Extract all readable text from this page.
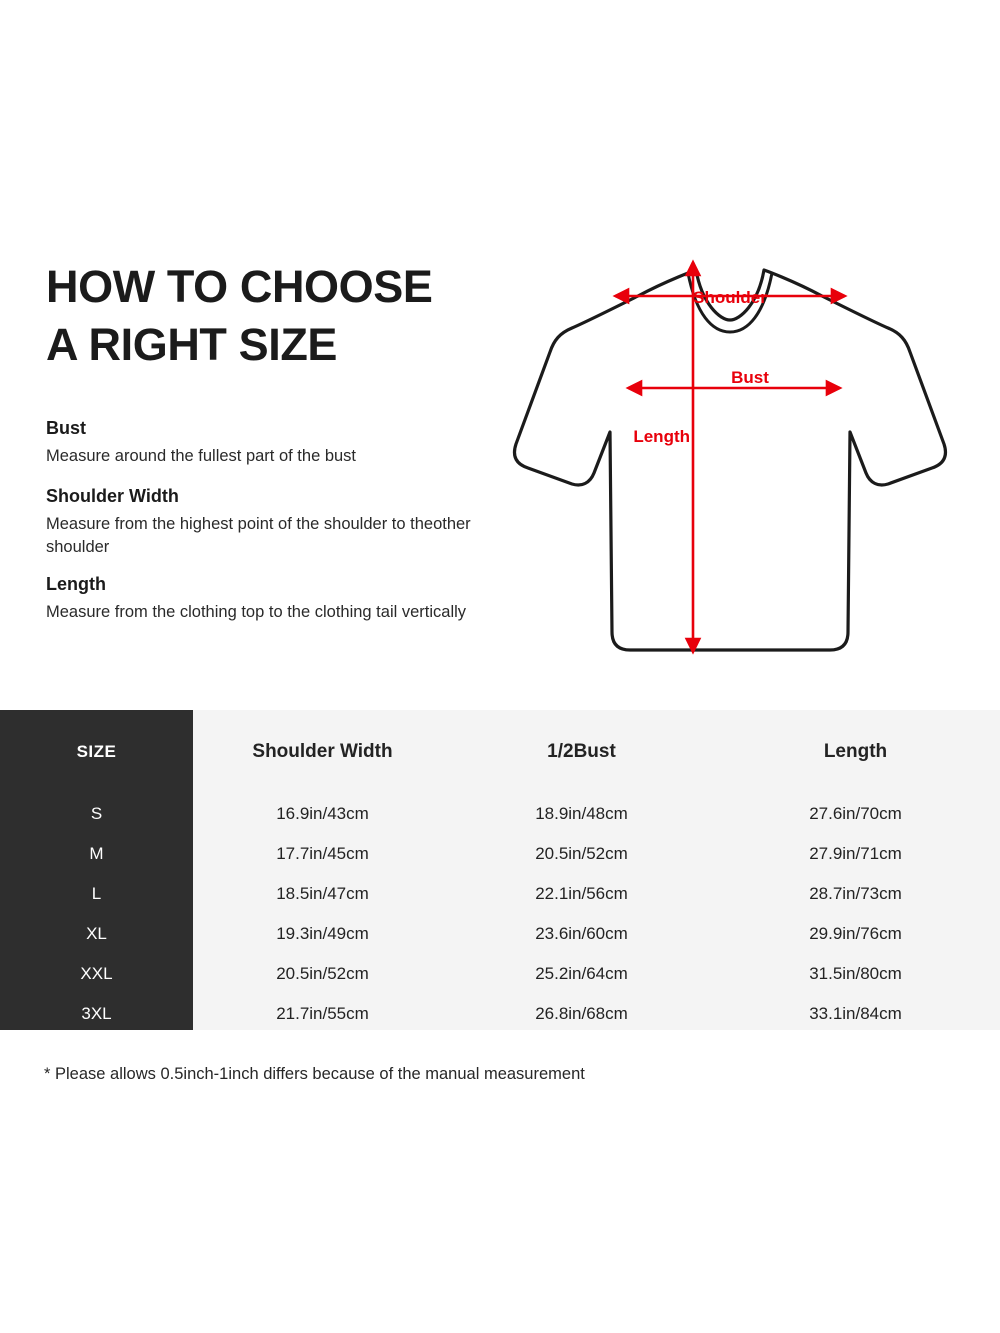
HOW TO CHOOSE
A RIGHT SIZE
Bust
Measure around the fullest part of the bust
Shoulder Width
Measure from the highest point of the shoulder to theother shoulder
Length
Measure from the clothing top to the clothing tail vertically
Shoulder
Bust
Length
SIZE	Shoulder Width	1/2Bust	Length
S	16.9in/43cm	18.9in/48cm	27.6in/70cm
M	17.7in/45cm	20.5in/52cm	27.9in/71cm
L	18.5in/47cm	22.1in/56cm	28.7in/73cm
XL	19.3in/49cm	23.6in/60cm	29.9in/76cm
XXL	20.5in/52cm	25.2in/64cm	31.5in/80cm
3XL	21.7in/55cm	26.8in/68cm	33.1in/84cm
* Please allows 0.5inch-1inch differs because of the manual measurement
